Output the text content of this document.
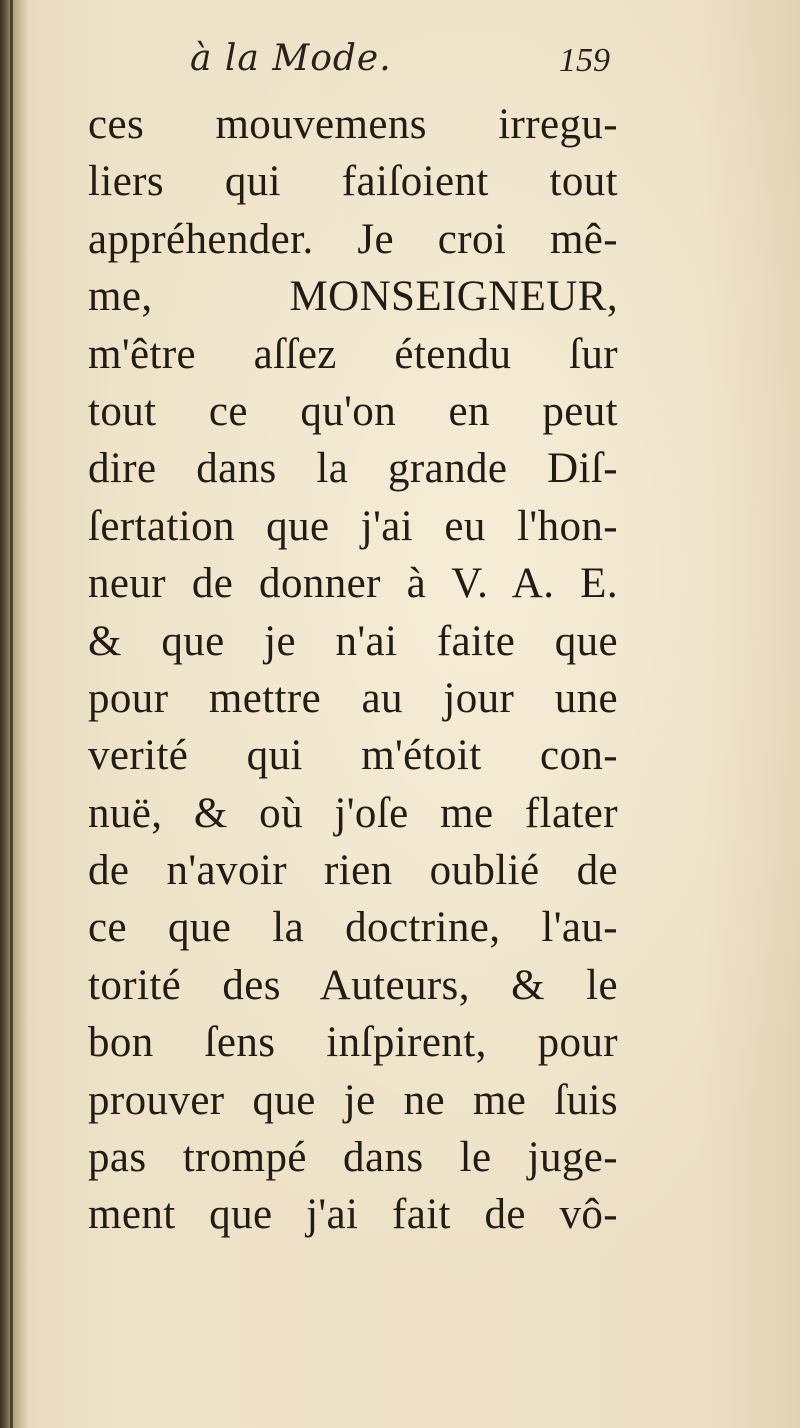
à la Mode.	159
ces mouvemens irregu-
liers qui faiſoient tout
appréhender. Je croi mê-
me, MONSEIGNEUR,
m'être aſſez étendu ſur
tout ce qu'on en peut
dire dans la grande Diſ-
ſertation que j'ai eu l'hon-
neur de donner à V. A. E.
& que je n'ai faite que
pour mettre au jour une
verité qui m'étoit con-
nuë, & où j'oſe me flater
de n'avoir rien oublié de
ce que la doctrine, l'au-
torité des Auteurs, & le
bon ſens inſpirent, pour
prouver que je ne me ſuis
pas trompé dans le juge-
ment que j'ai fait de vô-
